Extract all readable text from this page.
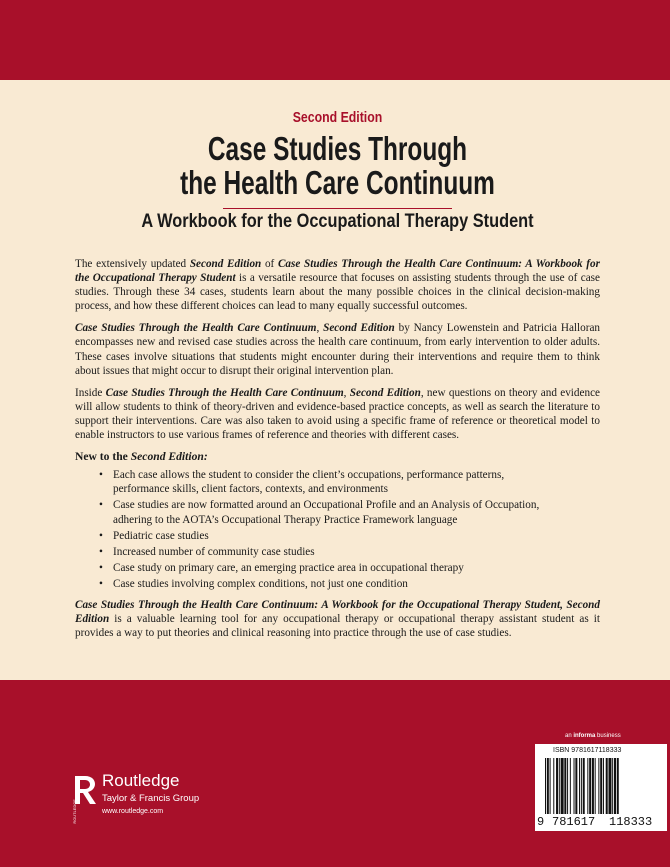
Second Edition
Case Studies Through
the Health Care Continuum
A Workbook for the Occupational Therapy Student

The extensively updated Second Edition of Case Studies Through the Health Care Continuum: A Workbook for the Occupational Therapy Student is a versatile resource that focuses on assisting students through the use of case studies. Through these 34 cases, students learn about the many possible choices in the clinical decision-making process, and how these different choices can lead to many equally successful outcomes.

Case Studies Through the Health Care Continuum, Second Edition by Nancy Lowenstein and Patricia Halloran encompasses new and revised case studies across the health care continuum, from early intervention to older adults. These cases involve situations that students might encounter during their interventions and require them to think about issues that might occur to disrupt their original intervention plan.

Inside Case Studies Through the Health Care Continuum, Second Edition, new questions on theory and evidence will allow students to think of theory-driven and evidence-based practice concepts, as well as search the literature to support their interventions. Care was also taken to avoid using a specific frame of reference or theoretical model to enable instructors to use various frames of reference and theories with different cases.

New to the Second Edition:

• Each case allows the student to consider the client’s occupations, performance patterns, performance skills, client factors, contexts, and environments
• Case studies are now formatted around an Occupational Profile and an Analysis of Occupation, adhering to the AOTA’s Occupational Therapy Practice Framework language
• Pediatric case studies
• Increased number of community case studies
• Case study on primary care, an emerging practice area in occupational therapy
• Case studies involving complex conditions, not just one condition

Case Studies Through the Health Care Continuum: A Workbook for the Occupational Therapy Student, Second Edition is a valuable learning tool for any occupational therapy or occupational therapy assistant student as it provides a way to put theories and clinical reasoning into practice through the use of case studies.

an informa business
ROUTLEDGE
Routledge
Taylor & Francis Group
www.routledge.com
ISBN 9781617118333
9 781617 118333
